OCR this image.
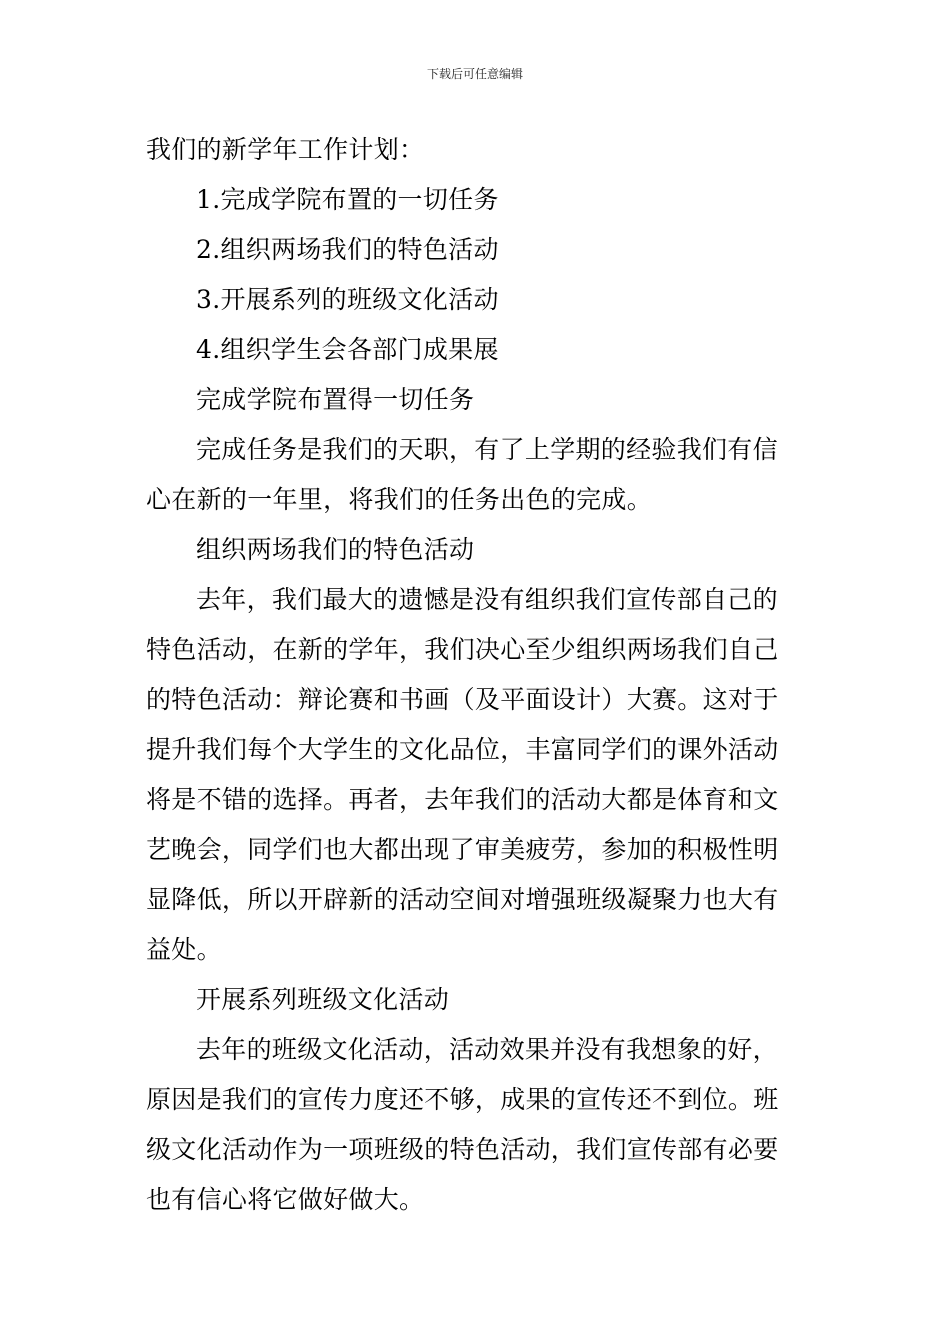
下载后可任意编辑
我们的新学年工作计划：
1.完成学院布置的一切任务
2.组织两场我们的特色活动
3.开展系列的班级文化活动
4.组织学生会各部门成果展
完成学院布置得一切任务
完成任务是我们的天职，有了上学期的经验我们有信
心在新的一年里，将我们的任务出色的完成。
组织两场我们的特色活动
去年，我们最大的遗憾是没有组织我们宣传部自己的
特色活动，在新的学年，我们决心至少组织两场我们自己
的特色活动：辩论赛和书画（及平面设计）大赛。这对于
提升我们每个大学生的文化品位，丰富同学们的课外活动
将是不错的选择。再者，去年我们的活动大都是体育和文
艺晚会，同学们也大都出现了审美疲劳，参加的积极性明
显降低，所以开辟新的活动空间对增强班级凝聚力也大有
益处。
开展系列班级文化活动
去年的班级文化活动，活动效果并没有我想象的好，
原因是我们的宣传力度还不够，成果的宣传还不到位。班
级文化活动作为一项班级的特色活动，我们宣传部有必要
也有信心将它做好做大。
